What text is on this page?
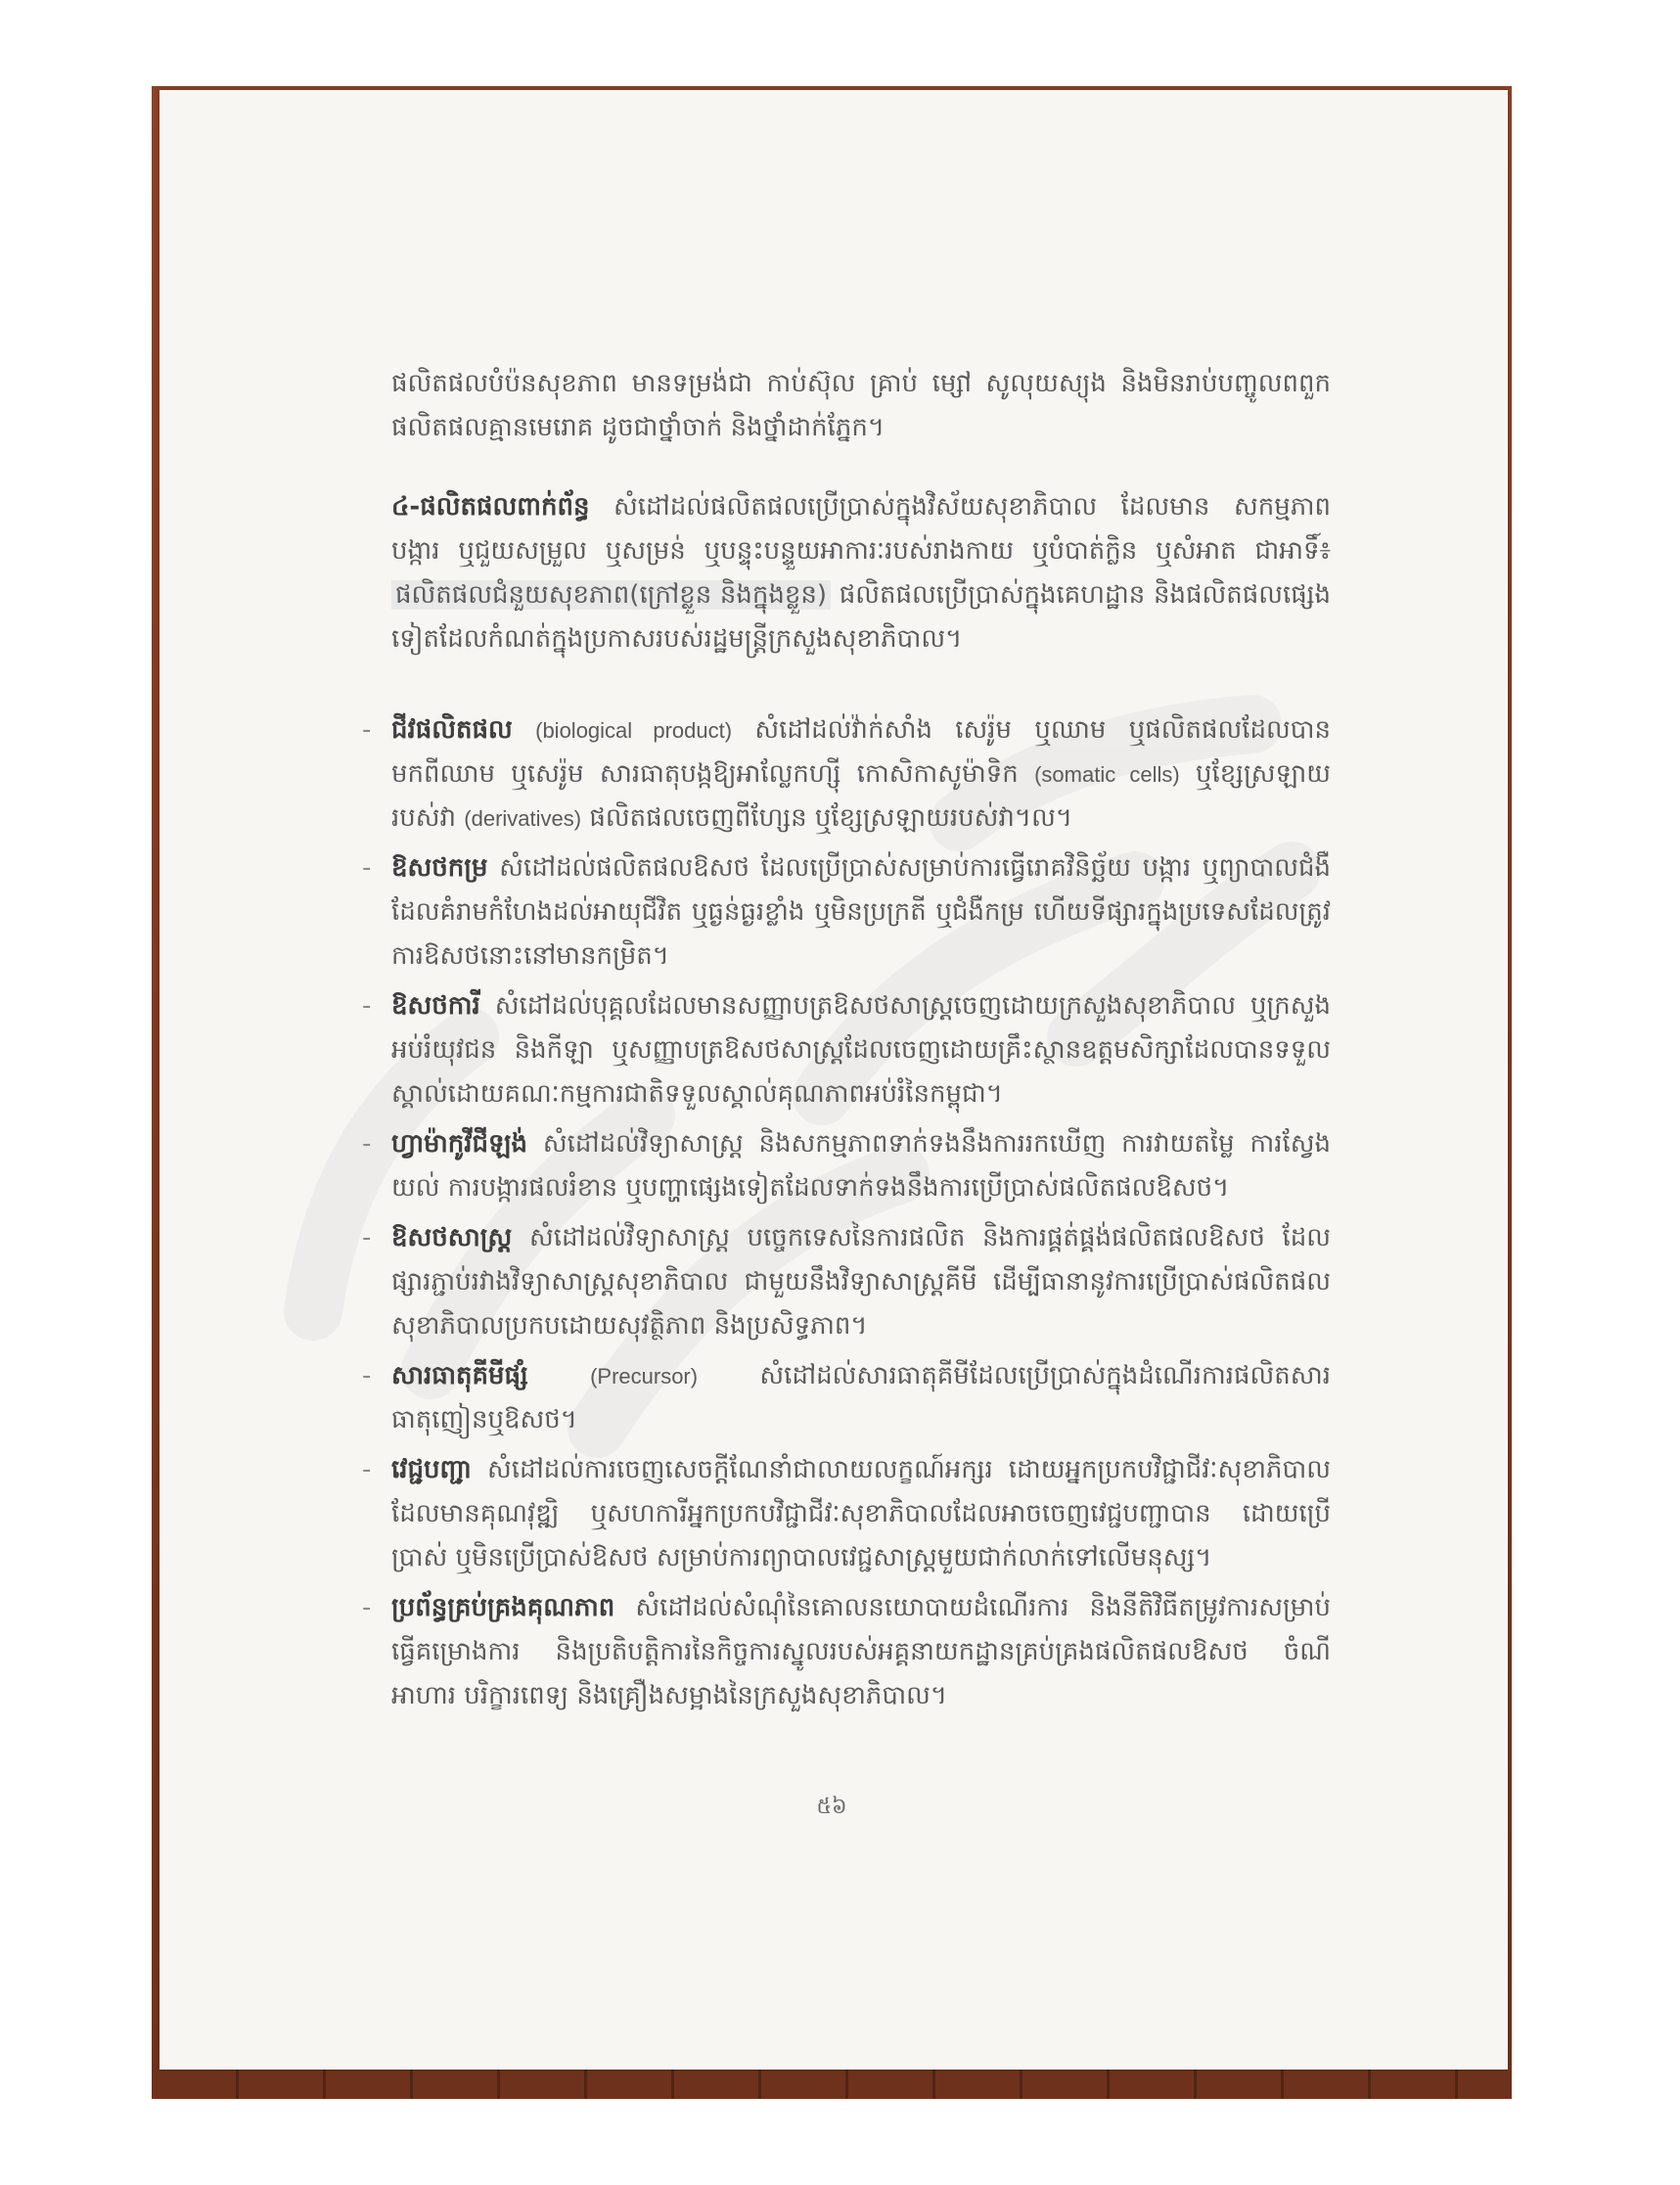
ផលិតផលបំប៉នសុខភាព មានទម្រង់ជា កាប់ស៊ុល គ្រាប់ ម្សៅ សូលុយស្យុង និងមិនរាប់បញ្ចូលពពួកផលិតផលគ្មានមេរោគ ដូចជាថ្នាំចាក់ និងថ្នាំដាក់ភ្នែក។

៤-ផលិតផលពាក់ព័ន្ធ សំដៅដល់ផលិតផលប្រើប្រាស់ក្នុងវិស័យសុខាភិបាល ដែលមាន សកម្មភាព បង្ការ ឬជួយសម្រួល ឬសម្រន់ ឬបន្ទុះបន្ទួយអាការៈរបស់រាងកាយ ឬបំបាត់ក្លិន ឬសំអាត ជាអាទិ៍៖ ផលិតផលជំនួយសុខភាព(ក្រៅខ្លួន និងក្នុងខ្លួន) ផលិតផលប្រើប្រាស់ក្នុងគេហដ្ឋាន និងផលិតផលផ្សេងទៀតដែលកំណត់ក្នុងប្រកាសរបស់រដ្ឋមន្ត្រីក្រសួងសុខាភិបាល។

- ជីវផលិតផល (biological product) សំដៅដល់វ៉ាក់សាំង សេរ៉ូម ឬឈាម ឬផលិតផលដែលបានមកពីឈាម ឬសេរ៉ូម សារធាតុបង្កឱ្យអាល្លែកហ្ស៊ី កោសិកាសូម៉ាទិក (somatic cells) ឬខ្សែស្រឡាយរបស់វា (derivatives) ផលិតផលចេញពីហ្សែន ឬខ្សែស្រឡាយរបស់វា។ល។
- ឱសថកម្រ សំដៅដល់ផលិតផលឱសថ ដែលប្រើប្រាស់សម្រាប់ការធ្វើរោគវិនិច្ឆ័យ បង្ការ ឬព្យាបាលជំងឺដែលគំរាមកំហែងដល់អាយុជីវិត ឬធ្ងន់ធ្ងរខ្លាំង ឬមិនប្រក្រតី ឬជំងឺកម្រ ហើយទីផ្សារក្នុងប្រទេសដែលត្រូវការឱសថនោះនៅមានកម្រិត។
- ឱសថការី សំដៅដល់បុគ្គលដែលមានសញ្ញាបត្រឱសថសាស្ត្រចេញដោយក្រសួងសុខាភិបាល ឬក្រសួងអប់រំយុវជន និងកីឡា ឬសញ្ញាបត្រឱសថសាស្ត្រដែលចេញដោយគ្រឹះស្ថានឧត្តមសិក្សាដែលបានទទួលស្គាល់ដោយគណៈកម្មការជាតិទទួលស្គាល់គុណភាពអប់រំនៃកម្ពុជា។
- ហ្វាម៉ាកូវីជីឡង់ សំដៅដល់វិទ្យាសាស្ត្រ និងសកម្មភាពទាក់ទងនឹងការរកឃើញ ការវាយតម្លៃ ការស្វែងយល់ ការបង្ការផលរំខាន ឬបញ្ហាផ្សេងទៀតដែលទាក់ទងនឹងការប្រើប្រាស់ផលិតផលឱសថ។
- ឱសថសាស្ត្រ សំដៅដល់វិទ្យាសាស្ត្រ បច្ចេកទេសនៃការផលិត និងការផ្គត់ផ្គង់ផលិតផលឱសថ ដែលផ្សារភ្ជាប់រវាងវិទ្យាសាស្ត្រសុខាភិបាល ជាមួយនឹងវិទ្យាសាស្ត្រគីមី ដើម្បីធានានូវការប្រើប្រាស់ផលិតផលសុខាភិបាលប្រកបដោយសុវត្ថិភាព និងប្រសិទ្ធភាព។
- សារធាតុគីមីផ្សំ	(Precursor) សំដៅដល់សារធាតុគីមីដែលប្រើប្រាស់ក្នុងដំណើរការផលិតសារធាតុញៀនឬឱសថ។
- វេជ្ជបញ្ជា សំដៅដល់ការចេញសេចក្តីណែនាំជាលាយលក្ខណ៍អក្សរ ដោយអ្នកប្រកបវិជ្ជាជីវៈសុខាភិបាលដែលមានគុណវុឌ្ឍិ ឬសហការីអ្នកប្រកបវិជ្ជាជីវៈសុខាភិបាលដែលអាចចេញវេជ្ជបញ្ជាបាន ដោយប្រើប្រាស់ ឬមិនប្រើប្រាស់ឱសថ សម្រាប់ការព្យាបាលវេជ្ជសាស្ត្រមួយជាក់លាក់ទៅលើមនុស្ស។
- ប្រព័ន្ធគ្រប់គ្រងគុណភាព សំដៅដល់សំណុំនៃគោលនយោបាយដំណើរការ និងនីតិវិធីតម្រូវការសម្រាប់ធ្វើគម្រោងការ និងប្រតិបត្តិការនៃកិច្ចការស្នូលរបស់អគ្គនាយកដ្ឋានគ្រប់គ្រងផលិតផលឱសថ ចំណីអាហារ បរិក្ខារពេទ្យ និងគ្រឿងសម្អាងនៃក្រសួងសុខាភិបាល។
៥៦
